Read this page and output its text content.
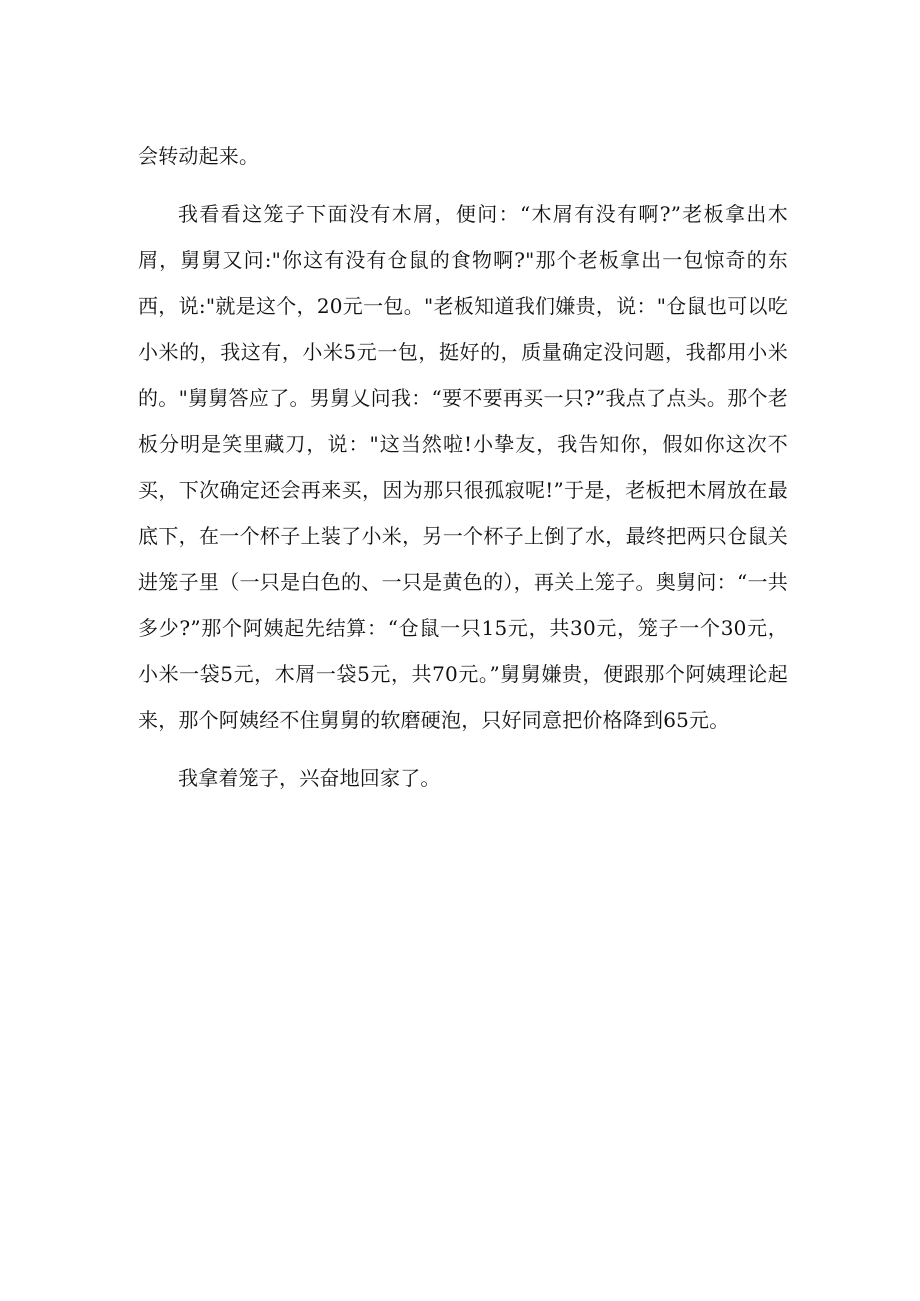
会转动起来。

我看看这笼子下面没有木屑，便问：“木屑有没有啊?”老板拿出木屑，舅舅又问:"你这有没有仓鼠的食物啊?"那个老板拿出一包惊奇的东西，说:"就是这个，20元一包。"老板知道我们嫌贵，说："仓鼠也可以吃小米的，我这有，小米5元一包，挺好的，质量确定没问题，我都用小米的。"舅舅答应了。男舅乂问我：“要不要再买一只?”我点了点头。那个老板分明是笑里藏刀，说："这当然啦!小挚友，我告知你，假如你这次不买，下次确定还会再来买，因为那只很孤寂呢!”于是，老板把木屑放在最底下，在一个杯子上装了小米，另一个杯子上倒了水，最终把两只仓鼠关进笼子里（一只是白色的、一只是黄色的），再关上笼子。奥舅问：“一共多少?”那个阿姨起先结算：“仓鼠一只15元，共30元，笼子一个30元，小米一袋5元，木屑一袋5元，共70元。”舅舅嫌贵，便跟那个阿姨理论起来，那个阿姨经不住舅舅的软磨硬泡，只好同意把价格降到65元。

我拿着笼子，兴奋地回家了。
